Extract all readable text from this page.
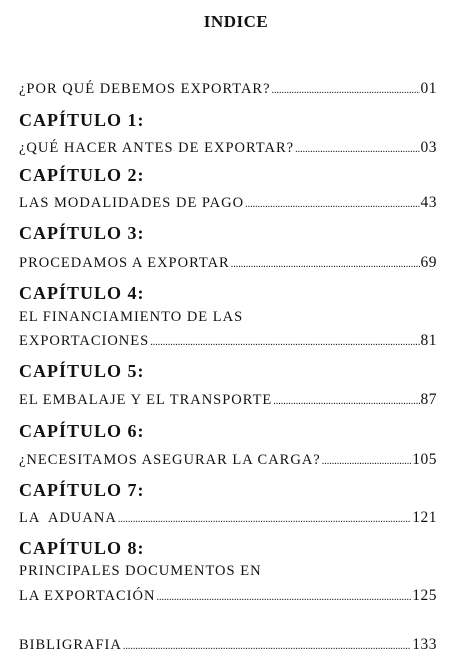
INDICE
¿POR QUÉ DEBEMOS EXPORTAR? .....	01
CAPÍTULO 1:
¿QUÉ HACER ANTES DE EXPORTAR? .....	03
CAPÍTULO 2:
LAS MODALIDADES DE PAGO .....	43
CAPÍTULO 3:
PROCEDAMOS A EXPORTAR .....	69
CAPÍTULO 4:
EL FINANCIAMIENTO DE LAS
EXPORTACIONES .....	81
CAPÍTULO 5:
EL EMBALAJE Y EL TRANSPORTE .....	87
CAPÍTULO 6:
¿NECESITAMOS ASEGURAR LA CARGA? .....	105
CAPÍTULO 7:
LA  ADUANA .....	121
CAPÍTULO 8:
PRINCIPALES DOCUMENTOS EN
LA EXPORTACIÓN .....	125
BIBLIGRAFIA .....	133
